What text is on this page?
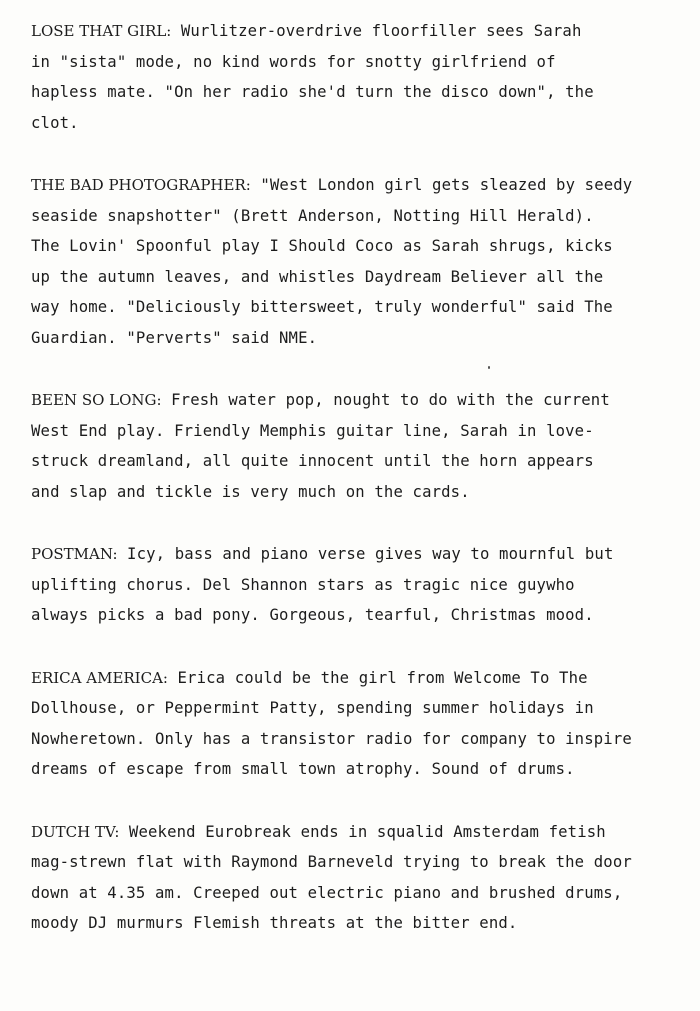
LOSE THAT GIRL: Wurlitzer-overdrive floorfiller sees Sarah
in "sista" mode, no kind words for snotty girlfriend of
hapless mate. "On her radio she'd turn the disco down", the
clot.
THE BAD PHOTOGRAPHER: "West London girl gets sleazed by seedy
seaside snapshotter" (Brett Anderson, Notting Hill Herald).
The Lovin' Spoonful play I Should Coco as Sarah shrugs, kicks
up the autumn leaves, and whistles Daydream Believer all the
way home. "Deliciously bittersweet, truly wonderful" said The
Guardian. "Perverts" said NME.
BEEN SO LONG: Fresh water pop, nought to do with the current
West End play. Friendly Memphis guitar line, Sarah in love-
struck dreamland, all quite innocent until the horn appears
and slap and tickle is very much on the cards.
POSTMAN: Icy, bass and piano verse gives way to mournful but
uplifting chorus. Del Shannon stars as tragic nice guywho
always picks a bad pony. Gorgeous, tearful, Christmas mood.
ERICA AMERICA: Erica could be the girl from Welcome To The
Dollhouse, or Peppermint Patty, spending summer holidays in
Nowheretown. Only has a transistor radio for company to inspire
dreams of escape from small town atrophy. Sound of drums.
DUTCH TV: Weekend Eurobreak ends in squalid Amsterdam fetish
mag-strewn flat with Raymond Barneveld trying to break the door
down at 4.35 am. Creeped out electric piano and brushed drums,
moody DJ murmurs Flemish threats at the bitter end.
